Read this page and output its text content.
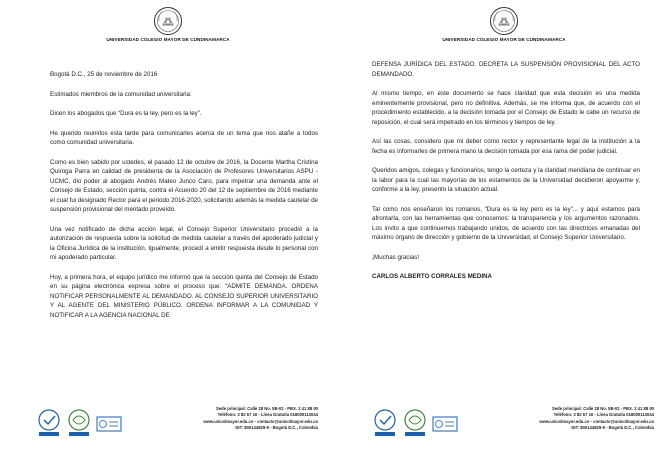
UNIVERSIDAD COLEGIO MAYOR DE CUNDINAMARCA

Bogotá D.C., 25 de noviembre de 2016

Estimados miembros de la comunidad universitaria:

Dicen los abogados que “Dura es la ley, pero es la ley”.

He querido reunirlos esta tarde para comunicarles acerca de un tema que nos atañe a todos como comunidad universitaria.

Como es bien sabido por ustedes, el pasado 12 de octubre de 2016, la Docente Martha Cristina Quiroga Parra en calidad de presidenta de la Asociación de Profesores Universitarios ASPU - UCMC, dio poder al abogado Andrés Mateo Junco Caro, para impetrar una demanda ante el Consejo de Estado, sección quinta, contra el Acuerdo 20 del 12 de septiembre de 2016 mediante el cual fui designado Rector para el periodo 2016-2020, solicitando además la medida cautelar de suspensión provisional del mentado proveído.

Una vez notificado de dicha acción legal, el Consejo Superior Universitario procedió a la autorización de respuesta sobre la solicitud de medida cautelar a través del apoderado judicial y la Oficina Jurídica de la institución. Igualmente, procedí a emitir respuesta desde lo personal con mi apoderado particular.

Hoy, a primera hora, el equipo jurídico me informó que la sección quinta del Consejo de Estado en su página electrónica expresa sobre el proceso que: “ADMITE DEMANDA. ORDENA NOTIFICAR PERSONALMENTE AL DEMANDADO. AL CONSEJO SUPERIOR UNIVERSITARIO Y AL AGENTE DEL MINISTERIO PÚBLICO. ORDENA INFORMAR A LA COMUNIDAD Y NOTIFICAR A LA AGENCIA NACIONAL DE

Sede principal: Calle 28 No. 5B-02 - PBX. 2 41 88 00
Teléfono: 2 82 57 16 - Línea Gratuita 018000113044
www.unicolmayor.edu.co - contacto@unicolmayor.edu.co
NIT: 800144829-9 - Bogotá D.C., Colombia
UNIVERSIDAD COLEGIO MAYOR DE CUNDINAMARCA

DEFENSA JURÍDICA DEL ESTADO. DECRETA LA SUSPENSIÓN PROVISIONAL DEL ACTO DEMANDADO.

Al mismo tiempo, en este documento se hace claridad que esta decisión es una medida eminentemente provisional, pero no definitiva. Además, se me informa que, de acuerdo con el procedimiento establecido, a la decisión tomada por el Consejo de Estado le cabe un recurso de reposición, el cual será impetrado en los términos y tiempos de ley.

Así las cosas, considero que mi deber como rector y representante legal de la institución a la fecha es informarles de primera mano la decisión tomada por esa rama del poder judicial.

Queridos amigos, colegas y funcionarios, tengo la certeza y la claridad meridiana de continuar en la labor para la cual las mayorías de los estamentos de la Universidad decidieron apoyarme y, conforme a la ley, presento la situación actual.

Tal como nos enseñaron los romanos, “Dura es la ley pero es la ley”... y aquí estamos para afrontarla, con las herramientas que conocemos: la transparencia y los argumentos razonados. Los invito a que continuemos trabajando unidos, de acuerdo con las directrices emanadas del máximo órgano de dirección y gobierno de la Universidad, el Consejo Superior Universitario.

¡Muchas gracias!

CARLOS ALBERTO CORRALES MEDINA

Sede principal: Calle 28 No. 5B-02 - PBX. 2 41 88 00
Teléfono: 2 82 57 16 - Línea Gratuita 018000113044
www.unicolmayor.edu.co - contacto@unicolmayor.edu.co
NIT: 800144829-9 - Bogotá D.C., Colombia
